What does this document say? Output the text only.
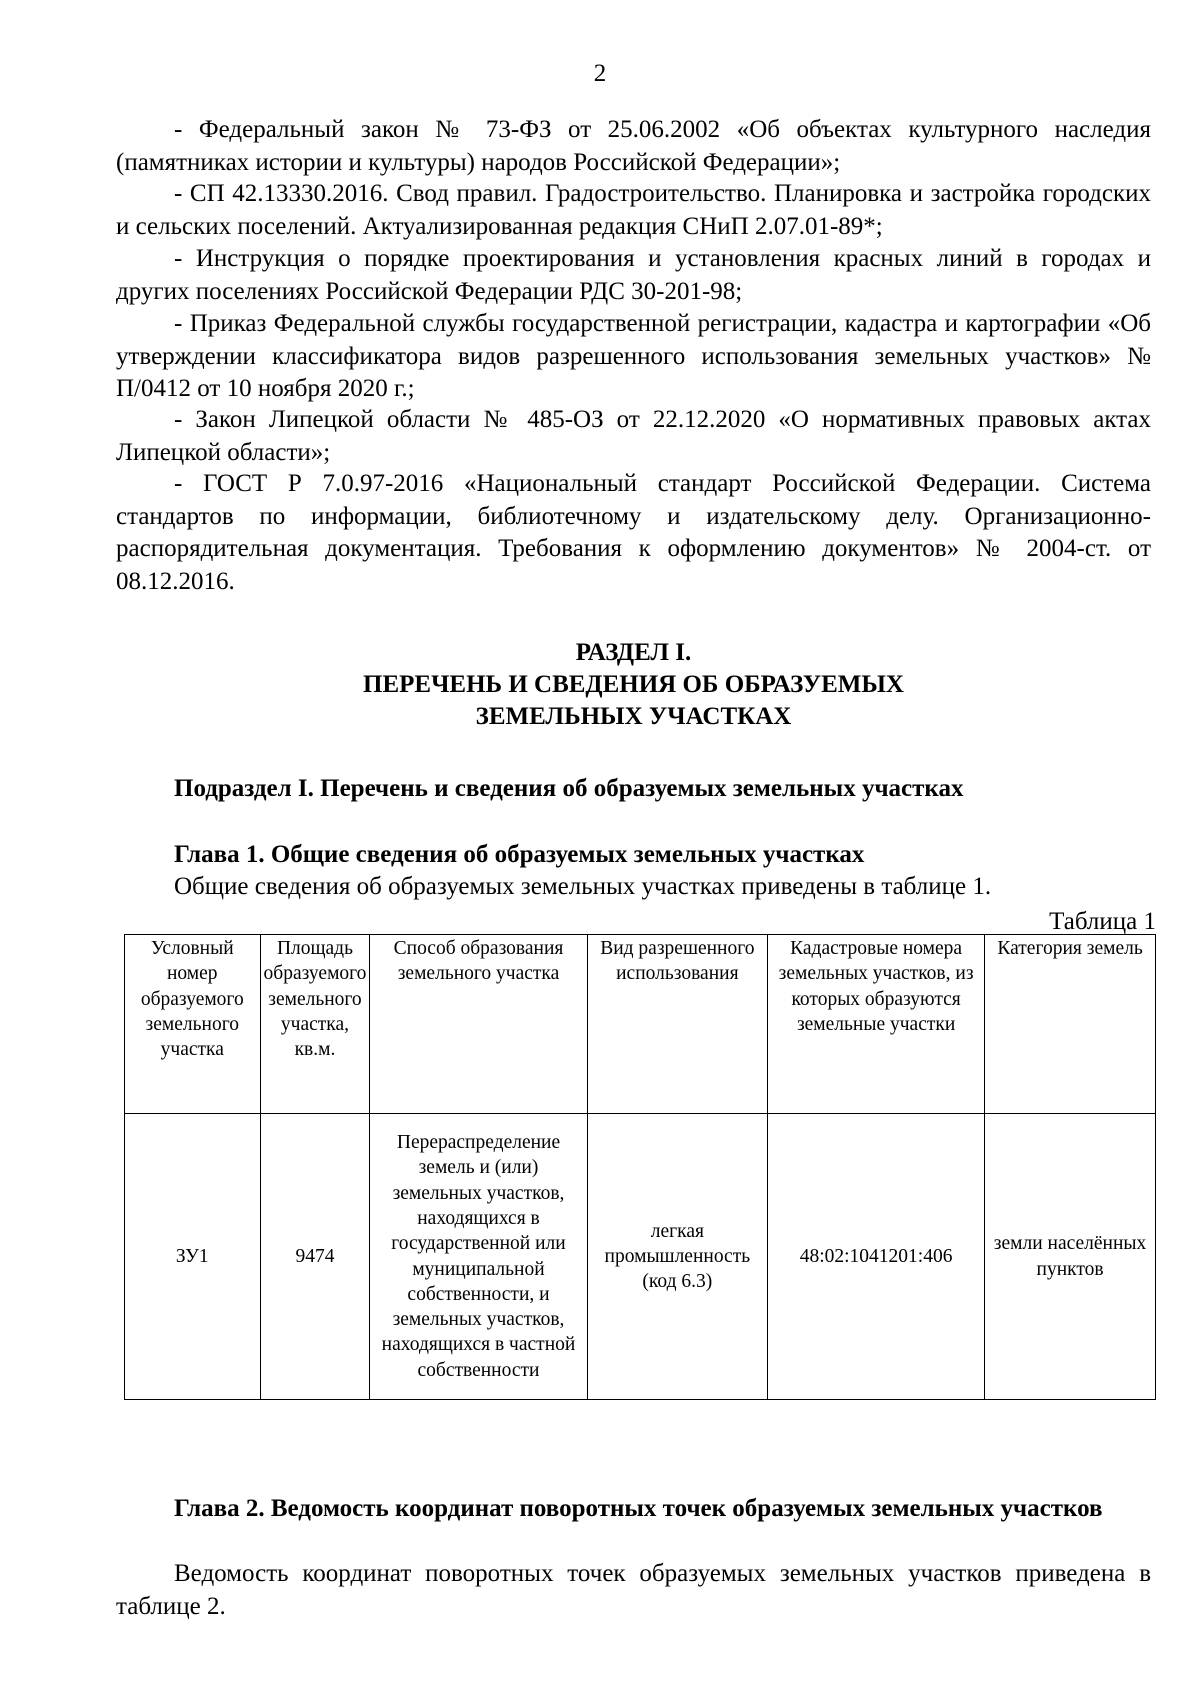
2
- Федеральный закон № 73-ФЗ от 25.06.2002 «Об объектах культурного наследия (памятниках истории и культуры) народов Российской Федерации»;
- СП 42.13330.2016. Свод правил. Градостроительство. Планировка и застройка городских и сельских поселений. Актуализированная редакция СНиП 2.07.01-89*;
- Инструкция о порядке проектирования и установления красных линий в городах и других поселениях Российской Федерации РДС 30-201-98;
- Приказ Федеральной службы государственной регистрации, кадастра и картографии «Об утверждении классификатора видов разрешенного использования земельных участков» № П/0412 от 10 ноября 2020 г.;
- Закон Липецкой области № 485-ОЗ от 22.12.2020 «О нормативных правовых актах Липецкой области»;
- ГОСТ Р 7.0.97-2016 «Национальный стандарт Российской Федерации. Система стандартов по информации, библиотечному и издательскому делу. Организационно-распорядительная документация. Требования к оформлению документов» № 2004-ст. от 08.12.2016.
РАЗДЕЛ I.
ПЕРЕЧЕНЬ И СВЕДЕНИЯ ОБ ОБРАЗУЕМЫХ
ЗЕМЕЛЬНЫХ УЧАСТКАХ
Подраздел I. Перечень и сведения об образуемых земельных участках
Глава 1. Общие сведения об образуемых земельных участках
Общие сведения об образуемых земельных участках приведены в таблице 1.
Таблица 1
Условный номер образуемого земельного участка	Площадь образуемого земельного участка, кв.м.	Способ образования земельного участка	Вид разрешенного использования	Кадастровые номера земельных участков, из которых образуются земельные участки	Категория земель
ЗУ1	9474	Перераспределение земель и (или) земельных участков, находящихся в государственной или муниципальной собственности, и земельных участков, находящихся в частной собственности	легкая промышленность (код 6.3)	48:02:1041201:406	земли населённых пунктов
Глава 2. Ведомость координат поворотных точек образуемых земельных участков
Ведомость координат поворотных точек образуемых земельных участков приведена в таблице 2.
